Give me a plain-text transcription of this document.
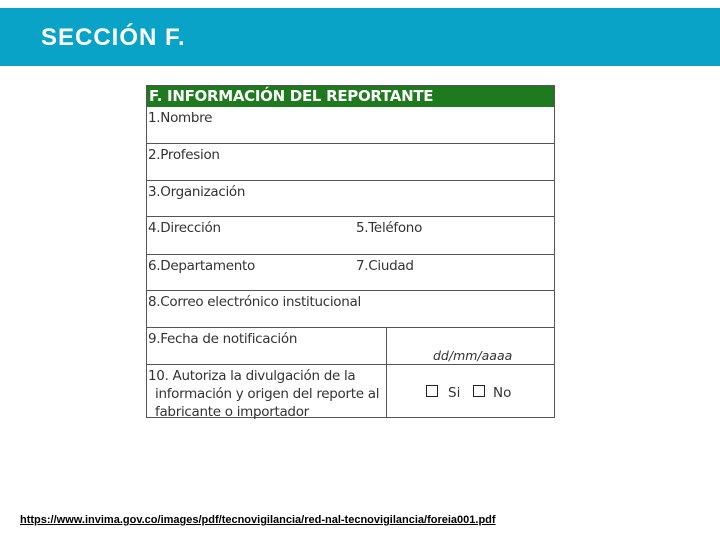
SECCIÓN F.
F. INFORMACIÓN DEL REPORTANTE
1.Nombre
2.Profesion
3.Organización
4.Dirección	5.Teléfono
6.Departamento	7.Ciudad
8.Correo electrónico institucional
9.Fecha de notificación
dd/mm/aaaa
10. Autoriza la divulgación de la
información y origen del reporte al
fabricante o importador
Si No
https://www.invima.gov.co/images/pdf/tecnovigilancia/red-nal-tecnovigilancia/foreia001.pdf
